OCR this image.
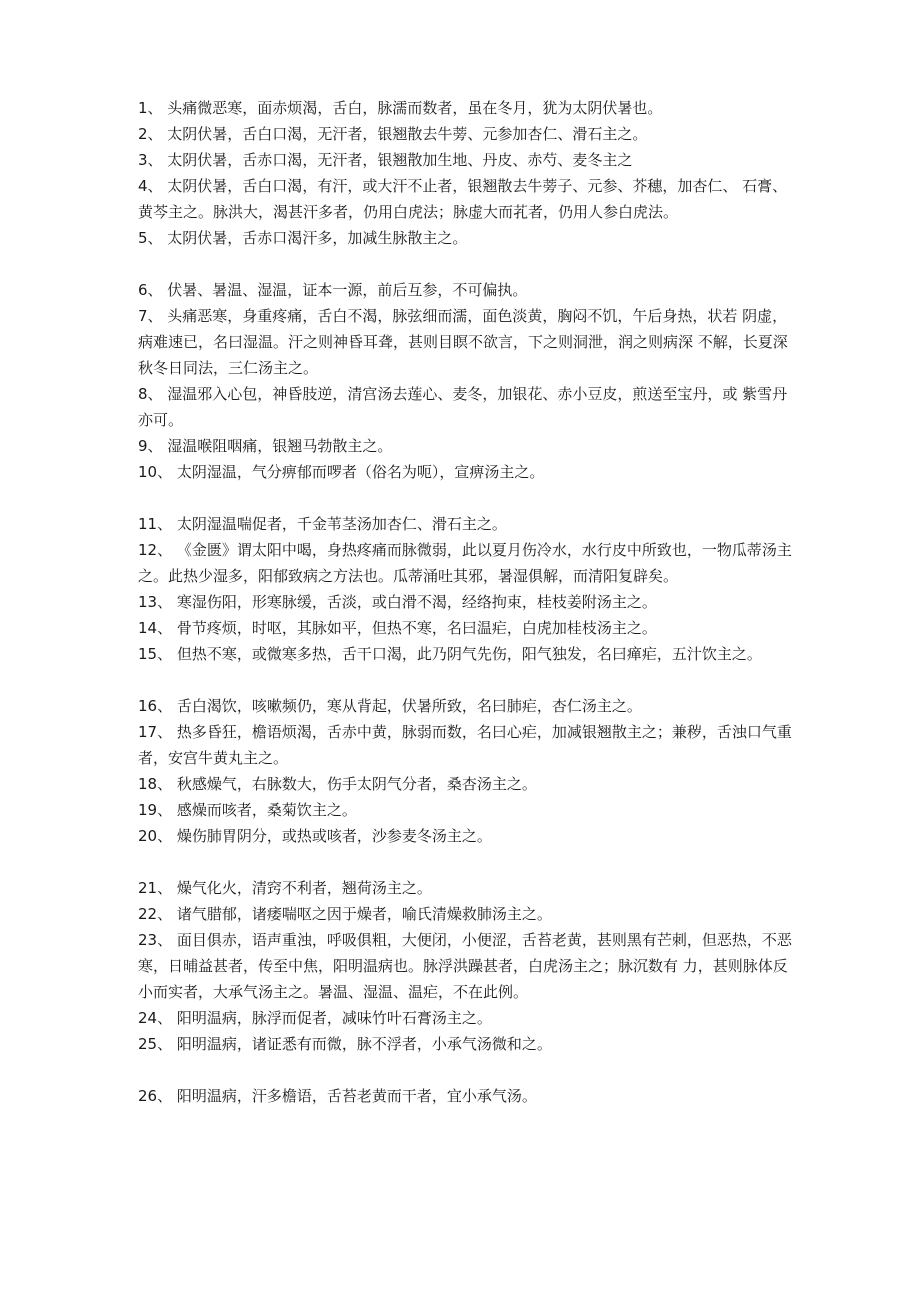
1、 头痛微恶寒，面赤烦渴，舌白，脉濡而数者，虽在冬月，犹为太阴伏暑也。

2、 太阴伏暑，舌白口渴，无汗者，银翘散去牛蒡、元参加杏仁、滑石主之。

3、 太阴伏暑，舌赤口渴，无汗者，银翘散加生地、丹皮、赤芍、麦冬主之

4、 太阴伏暑，舌白口渴，有汗，或大汗不止者，银翘散去牛蒡子、元参、芥穗，加杏仁、 石膏、黄芩主之。脉洪大，渴甚汗多者，仍用白虎法；脉虚大而芤者，仍用人参白虎法。

5、 太阴伏暑，舌赤口渴汗多，加减生脉散主之。

6、 伏暑、暑温、湿温，证本一源，前后互参，不可偏执。

7、 头痛恶寒，身重疼痛，舌白不渴，脉弦细而濡，面色淡黄，胸闷不饥，午后身热，状若 阴虚，病难速已，名曰湿温。汗之则神昏耳聋，甚则目瞑不欲言，下之则洞泄，润之则病深 不解，长夏深秋冬日同法，三仁汤主之。

8、 湿温邪入心包，神昏肢逆，清宫汤去莲心、麦冬，加银花、赤小豆皮，煎送至宝丹，或 紫雪丹亦可。

9、 湿温喉阻咽痛，银翘马勃散主之。

10、 太阴湿温，气分痹郁而啰者（俗名为呃），宣痹汤主之。

11、 太阴湿温喘促者，千金苇茎汤加杏仁、滑石主之。

12、 《金匮》谓太阳中喝，身热疼痛而脉微弱，此以夏月伤冷水，水行皮中所致也，一物瓜蒂汤主之。此热少湿多，阳郁致病之方法也。瓜蒂涌吐其邪，暑湿俱解，而清阳复辟矣。

13、 寒湿伤阳，形寒脉缓，舌淡，或白滑不渴，经络拘束，桂枝姜附汤主之。

14、 骨节疼烦，时呕，其脉如平，但热不寒，名曰温疟，白虎加桂枝汤主之。

15、 但热不寒，或微寒多热，舌干口渴，此乃阴气先伤，阳气独发，名曰瘅疟，五汁饮主之。

16、 舌白渴饮，咳嗽频仍，寒从背起，伏暑所致，名曰肺疟，杏仁汤主之。

17、 热多昏狂，檐语烦渴，舌赤中黄，脉弱而数，名曰心疟，加减银翘散主之；兼秽，舌浊口气重者，安宫牛黄丸主之。

18、 秋感燥气，右脉数大，伤手太阴气分者，桑杏汤主之。

19、 感燥而咳者，桑菊饮主之。

20、 燥伤肺胃阴分，或热或咳者，沙参麦冬汤主之。

21、 燥气化火，清窍不利者，翘荷汤主之。

22、 诸气腊郁，诸痿喘呕之因于燥者，喻氏清燥救肺汤主之。

23、 面目俱赤，语声重浊，呼吸俱粗，大便闭，小便涩，舌苔老黄，甚则黑有芒刺，但恶热，不恶寒，日晡益甚者，传至中焦，阳明温病也。脉浮洪躁甚者，白虎汤主之；脉沉数有 力，甚则脉体反小而实者，大承气汤主之。暑温、湿温、温疟，不在此例。

24、 阳明温病，脉浮而促者，减味竹叶石膏汤主之。

25、 阳明温病，诸证悉有而微，脉不浮者，小承气汤微和之。

26、 阳明温病，汗多檐语，舌苔老黄而干者，宜小承气汤。
